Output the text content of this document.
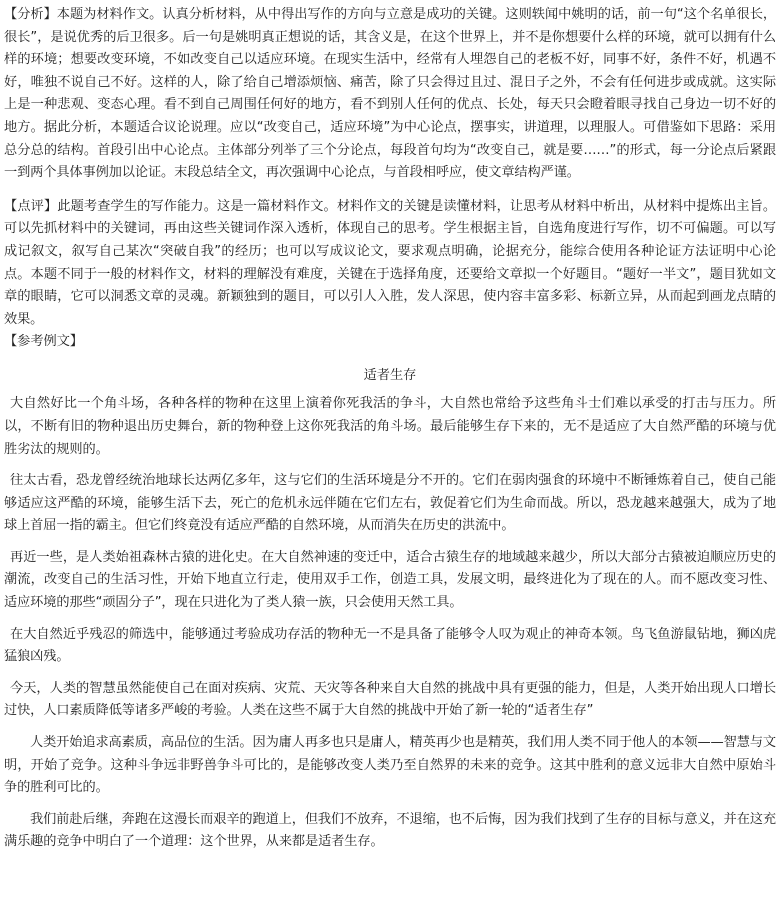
【分析】本题为材料作文。认真分析材料，从中得出写作的方向与立意是成功的关键。这则轶闻中姚明的话，前一句“这个名单很长，很长”，是说优秀的后卫很多。后一句是姚明真正想说的话，其含义是，在这个世界上，并不是你想要什么样的环境，就可以拥有什么样的环境；想要改变环境，不如改变自己以适应环境。在现实生活中，经常有人埋怨自己的老板不好，同事不好，条件不好，机遇不好，唯独不说自己不好。这样的人，除了给自己增添烦恼、痛苦，除了只会得过且过、混日子之外，不会有任何进步或成就。这实际上是一种悲观、变态心理。看不到自己周围任何好的地方，看不到别人任何的优点、长处，每天只会瞪着眼寻找自己身边一切不好的地方。据此分析，本题适合议论说理。应以“改变自己，适应环境”为中心论点，摆事实，讲道理，以理服人。可借鉴如下思路：采用总分总的结构。首段引出中心论点。主体部分列举了三个分论点，每段首句均为“改变自己，就是要……”的形式，每一分论点后紧跟一到两个具体事例加以论证。末段总结全文，再次强调中心论点，与首段相呼应，使文章结构严谨。

【点评】此题考查学生的写作能力。这是一篇材料作文。材料作文的关键是读懂材料，让思考从材料中析出，从材料中提炼出主旨。可以先抓材料中的关键词，再由这些关键词作深入透析，体现自己的思考。学生根据主旨，自选角度进行写作，切不可偏题。可以写成记叙文，叙写自己某次“突破自我”的经历；也可以写成议论文，要求观点明确，论据充分，能综合使用各种论证方法证明中心论点。本题不同于一般的材料作文，材料的理解没有难度，关键在于选择角度，还要给文章拟一个好题目。“题好一半文”，题目犹如文章的眼睛，它可以洞悉文章的灵魂。新颖独到的题目，可以引人入胜，发人深思，使内容丰富多彩、标新立异，从而起到画龙点睛的效果。

【参考例文】

适者生存

大自然好比一个角斗场，各种各样的物种在这里上演着你死我活的争斗，大自然也常给予这些角斗士们难以承受的打击与压力。所以，不断有旧的物种退出历史舞台，新的物种登上这你死我活的角斗场。最后能够生存下来的，无不是适应了大自然严酷的环境与优胜劣汰的规则的。

往太古看，恐龙曾经统治地球长达两亿多年，这与它们的生活环境是分不开的。它们在弱肉强食的环境中不断锤炼着自己，使自己能够适应这严酷的环境，能够生活下去，死亡的危机永远伴随在它们左右，敦促着它们为生命而战。所以，恐龙越来越强大，成为了地球上首屈一指的霸主。但它们终竟没有适应严酷的自然环境，从而消失在历史的洪流中。

再近一些，是人类始祖森林古猿的进化史。在大自然神速的变迁中，适合古猿生存的地域越来越少，所以大部分古猿被迫顺应历史的潮流，改变自己的生活习性，开始下地直立行走，使用双手工作，创造工具，发展文明，最终进化为了现在的人。而不愿改变习性、适应环境的那些“顽固分子”，现在只进化为了类人猿一族，只会使用天然工具。

在大自然近乎残忍的筛选中，能够通过考验成功存活的物种无一不是具备了能够令人叹为观止的神奇本领。鸟飞鱼游鼠钻地，狮凶虎猛狼凶残。

今天，人类的智慧虽然能使自己在面对疾病、灾荒、天灾等各种来自大自然的挑战中具有更强的能力，但是，人类开始出现人口增长过快，人口素质降低等诸多严峻的考验。人类在这些不属于大自然的挑战中开始了新一轮的“适者生存”

人类开始追求高素质，高品位的生活。因为庸人再多也只是庸人，精英再少也是精英，我们用人类不同于他人的本领——智慧与文明，开始了竞争。这种斗争远非野兽争斗可比的，是能够改变人类乃至自然界的未来的竞争。这其中胜利的意义远非大自然中原始斗争的胜利可比的。

我们前赴后继，奔跑在这漫长而艰辛的跑道上，但我们不放弃，不退缩，也不后悔，因为我们找到了生存的目标与意义，并在这充满乐趣的竞争中明白了一个道理：这个世界，从来都是适者生存。
